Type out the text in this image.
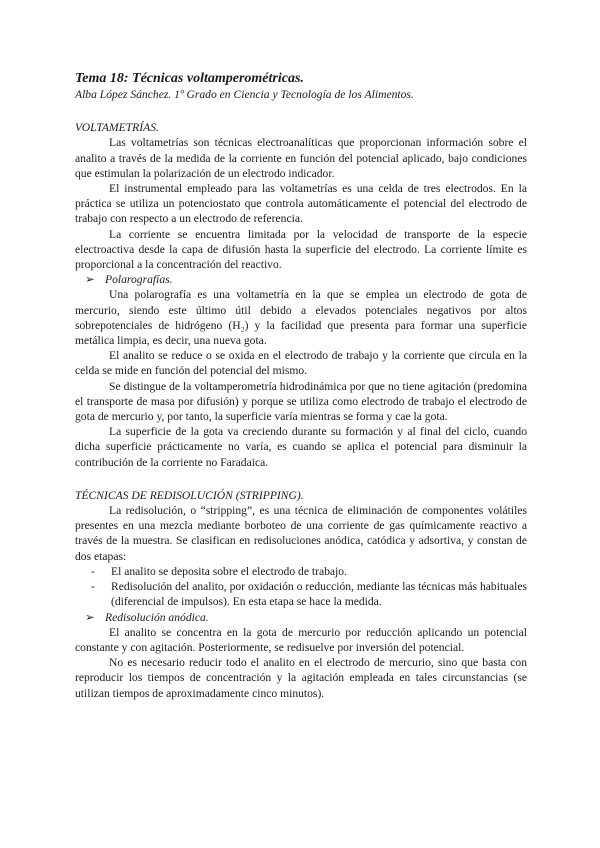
Tema 18: Técnicas voltamperométricas.

Alba López Sánchez. 1º Grado en Ciencia y Tecnología de los Alimentos.

VOLTAMETRÍAS.

Las voltametrías son técnicas electroanalíticas que proporcionan información sobre el analito a través de la medida de la corriente en función del potencial aplicado, bajo condiciones que estimulan la polarización de un electrodo indicador.

El instrumental empleado para las voltametrías es una celda de tres electrodos. En la práctica se utiliza un potenciostato que controla automáticamente el potencial del electrodo de trabajo con respecto a un electrodo de referencia.

La corriente se encuentra limitada por la velocidad de transporte de la especie electroactiva desde la capa de difusión hasta la superficie del electrodo. La corriente límite es proporcional a la concentración del reactivo.

➢ Polarografías.

Una polarografía es una voltametría en la que se emplea un electrodo de gota de mercurio, siendo este último útil debido a elevados potenciales negativos por altos sobrepotenciales de hidrógeno (H₂) y la facilidad que presenta para formar una superficie metálica limpia, es decir, una nueva gota.

El analito se reduce o se oxida en el electrodo de trabajo y la corriente que circula en la celda se mide en función del potencial del mismo.

Se distingue de la voltamperometría hidrodinámica por que no tiene agitación (predomina el transporte de masa por difusión) y porque se utiliza como electrodo de trabajo el electrodo de gota de mercurio y, por tanto, la superficie varía mientras se forma y cae la gota.

La superficie de la gota va creciendo durante su formación y al final del ciclo, cuando dicha superficie prácticamente no varía, es cuando se aplica el potencial para disminuir la contribución de la corriente no Faradaica.

TÉCNICAS DE REDISOLUCIÓN (STRIPPING).

La redisolución, o “stripping”, es una técnica de eliminación de componentes volátiles presentes en una mezcla mediante borboteo de una corriente de gas químicamente reactivo a través de la muestra. Se clasifican en redisoluciones anódica, catódica y adsortiva, y constan de dos etapas:

-	El analito se deposita sobre el electrodo de trabajo.
-	Redisolución del analito, por oxidación o reducción, mediante las técnicas más habituales (diferencial de impulsos). En esta etapa se hace la medida.

➢ Redisolución anódica.

El analito se concentra en la gota de mercurio por reducción aplicando un potencial constante y con agitación. Posteriormente, se redisuelve por inversión del potencial.

No es necesario reducir todo el analito en el electrodo de mercurio, sino que basta con reproducir los tiempos de concentración y la agitación empleada en tales circunstancias (se utilizan tiempos de aproximadamente cinco minutos).
